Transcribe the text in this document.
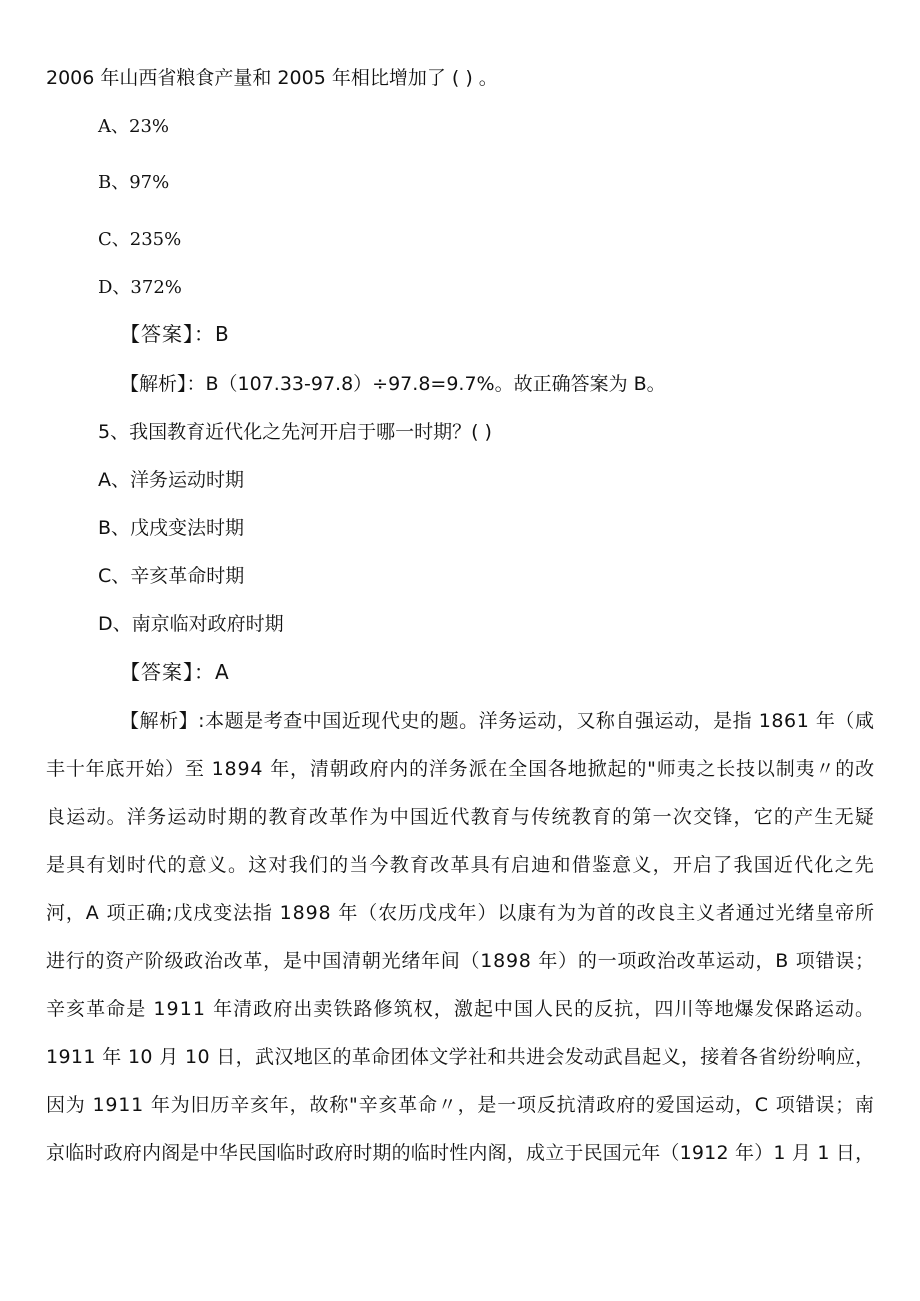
2006 年山西省粮食产量和 2005 年相比增加了 ( ) 。
A、23%
B、97%
C、235%
D、372%
【答案】：B
【解析】：B（107.33-97.8）÷97.8=9.7%。故正确答案为 B。
5、我国教育近代化之先河开启于哪一时期？( )
A、洋务运动时期
B、戊戌变法时期
C、辛亥革命时期
D、南京临对政府时期
【答案】：A
【解析】:本题是考查中国近现代史的题。洋务运动，又称自强运动，是指 1861 年（咸
丰十年底开始）至 1894 年，清朝政府内的洋务派在全国各地掀起的"师夷之长技以制夷〃的改
良运动。洋务运动时期的教育改革作为中国近代教育与传统教育的第一次交锋，它的产生无疑
是具有划时代的意义。这对我们的当今教育改革具有启迪和借鉴意义，开启了我国近代化之先
河，A 项正确;戊戌变法指 1898 年（农历戊戌年）以康有为为首的改良主义者通过光绪皇帝所
进行的资产阶级政治改革，是中国清朝光绪年间（1898 年）的一项政治改革运动，B 项错误；
辛亥革命是 1911 年清政府出卖铁路修筑权，激起中国人民的反抗，四川等地爆发保路运动。
1911 年 10 月 10 日，武汉地区的革命团体文学社和共进会发动武昌起义，接着各省纷纷响应，
因为 1911 年为旧历辛亥年，故称"辛亥革命〃，是一项反抗清政府的爱国运动，C 项错误；南
京临时政府内阁是中华民国临时政府时期的临时性内阁，成立于民国元年（1912 年）1 月 1 日，
